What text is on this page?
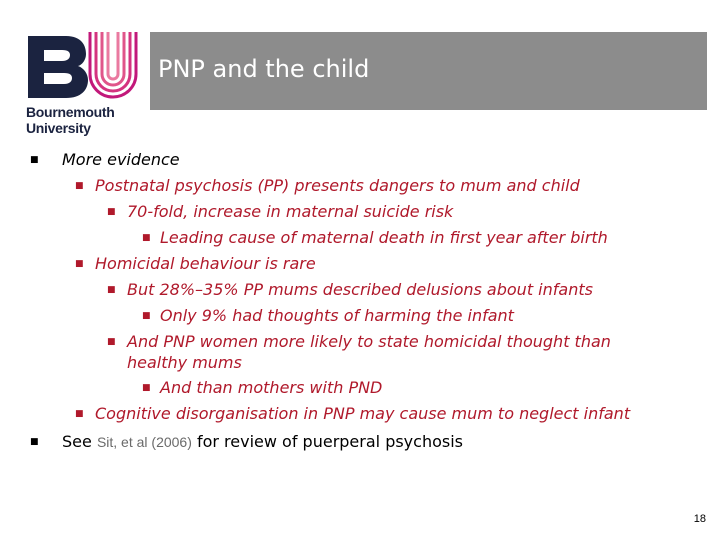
Bournemouth
University
PNP and the child
■ More evidence
■ Postnatal psychosis (PP) presents dangers to mum and child
■ 70-fold, increase in maternal suicide risk
■ Leading cause of maternal death in first year after birth
■ Homicidal behaviour is rare
■ But 28%–35% PP mums described delusions about infants
■ Only 9% had thoughts of harming the infant
■ And PNP women more likely to state homicidal thought than
healthy mums
■ And than mothers with PND
■ Cognitive disorganisation in PNP may cause mum to neglect infant
■ See Sit, et al (2006) for review of puerperal psychosis
18
